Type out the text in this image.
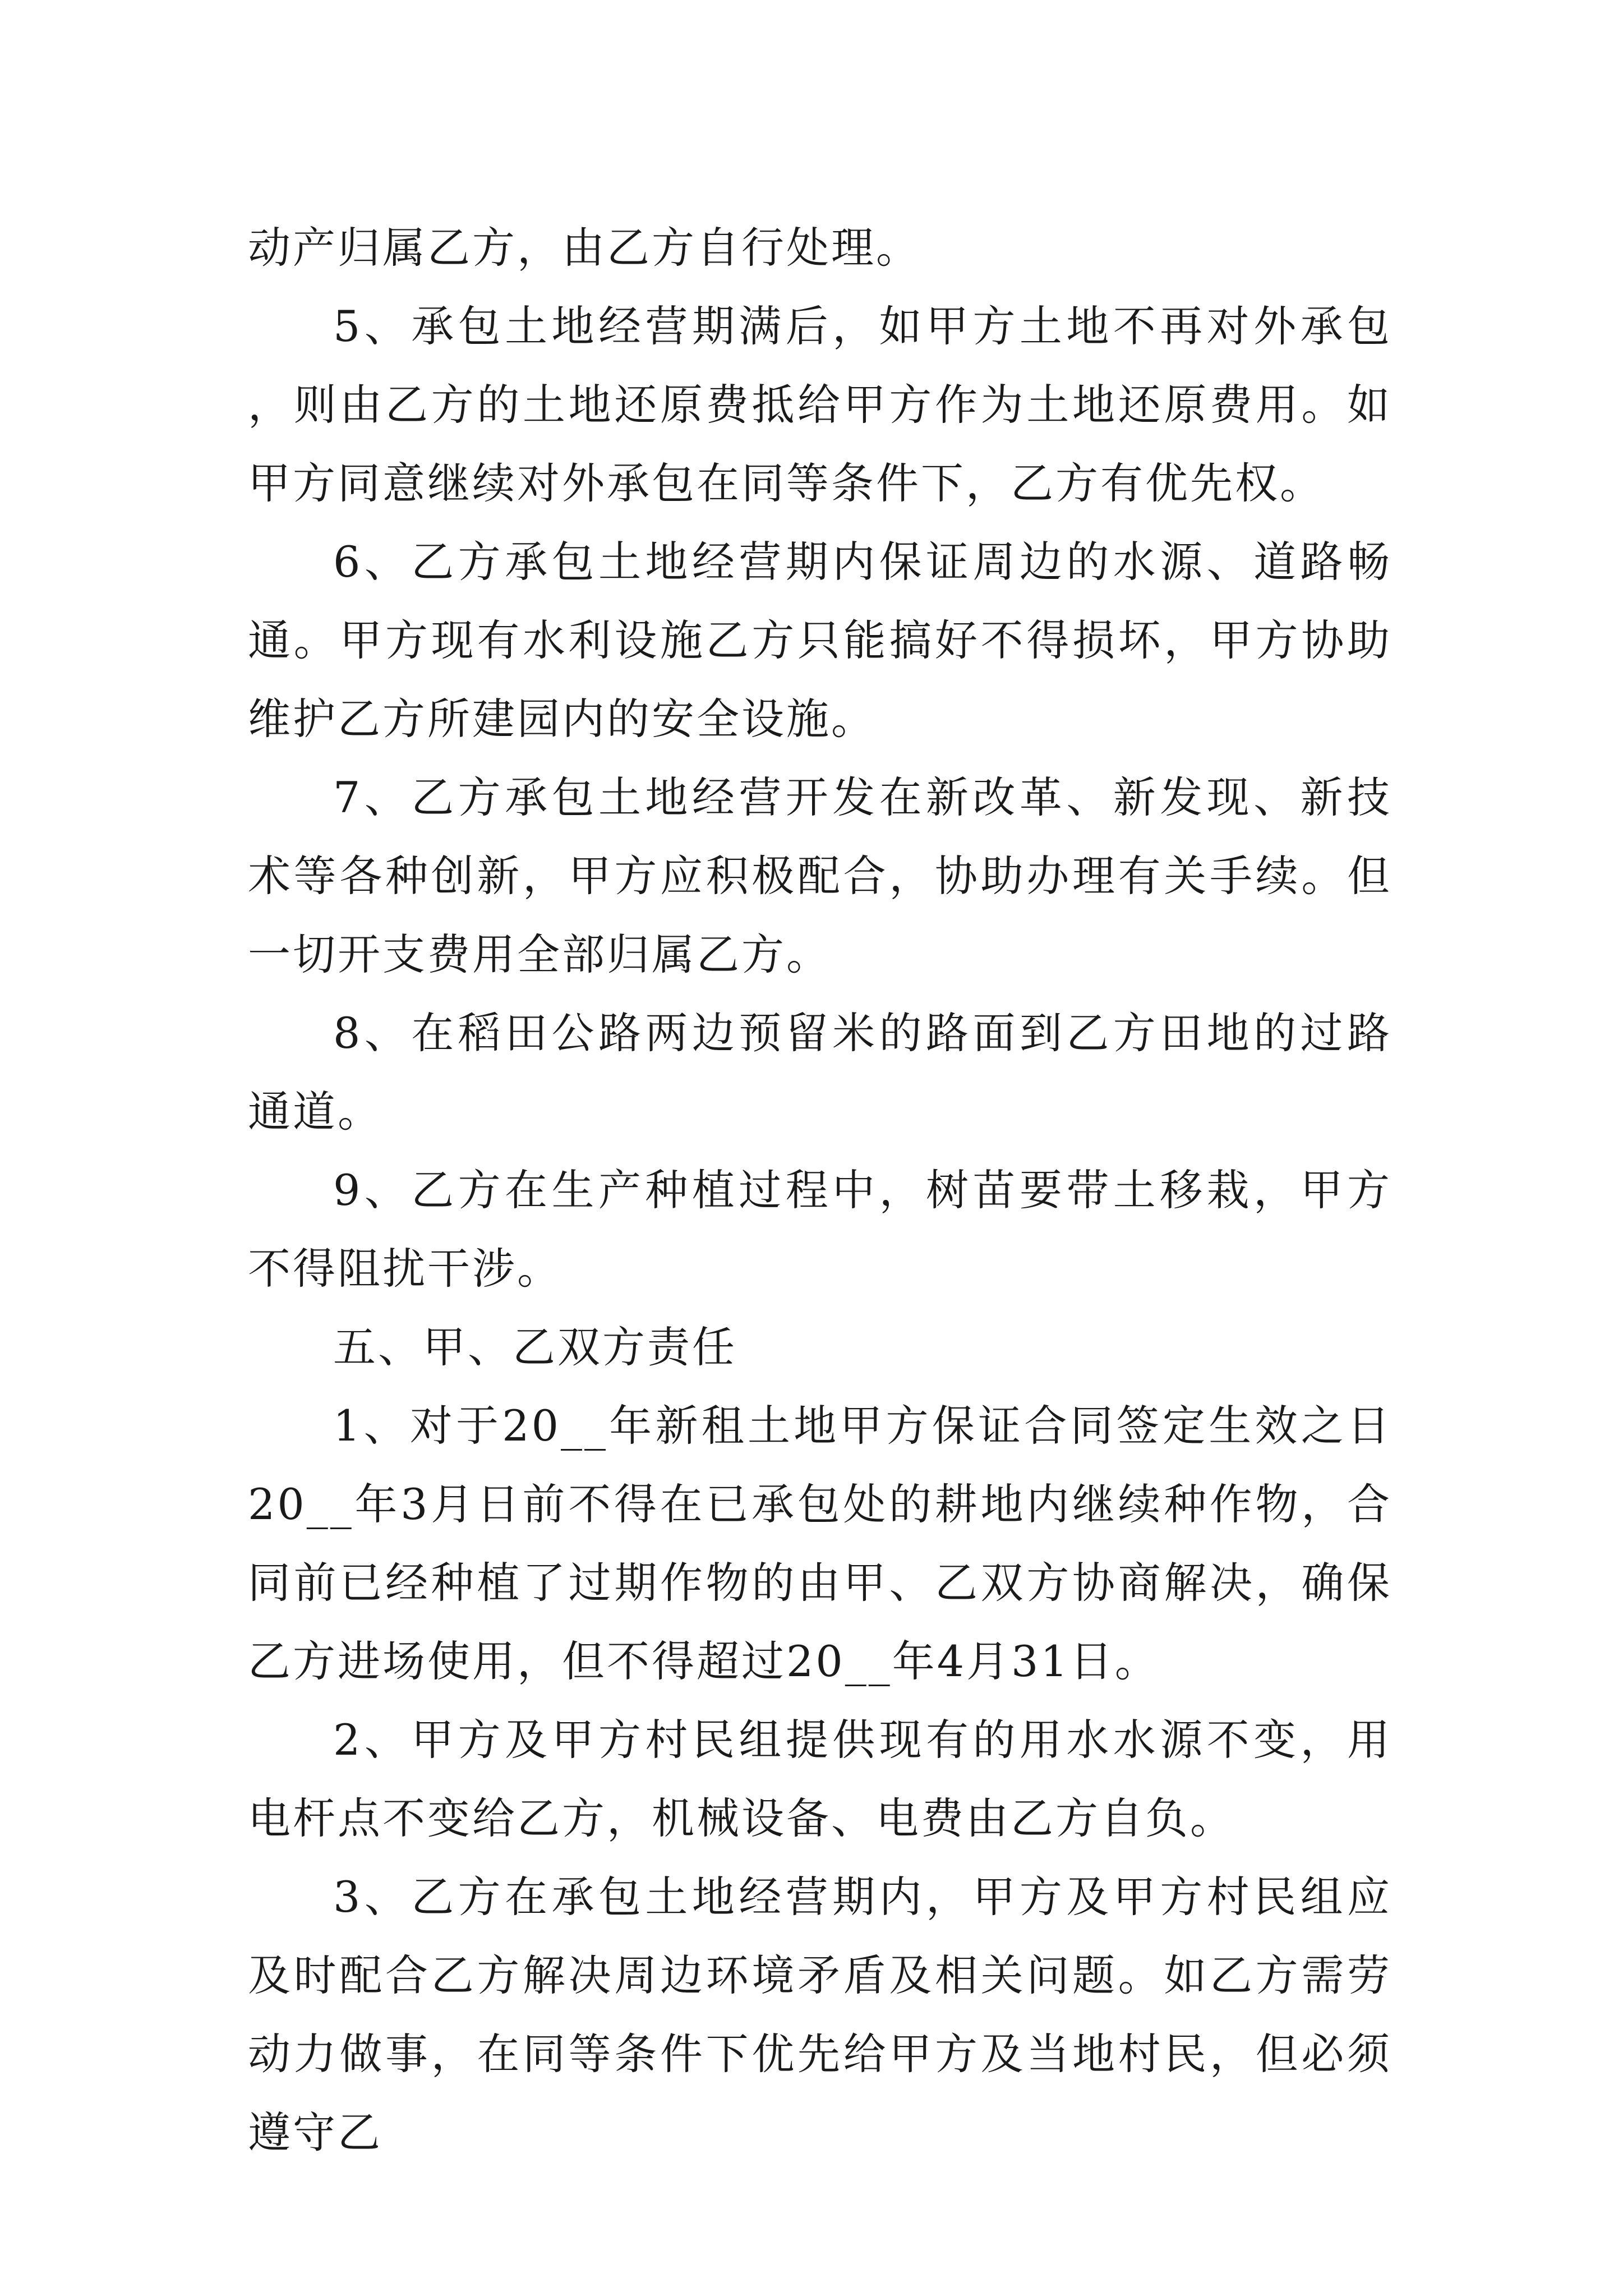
动产归属乙方，由乙方自行处理。

5、承包土地经营期满后，如甲方土地不再对外承包，则由乙方的土地还原费抵给甲方作为土地还原费用。如甲方同意继续对外承包在同等条件下，乙方有优先权。

6、乙方承包土地经营期内保证周边的水源、道路畅通。甲方现有水利设施乙方只能搞好不得损坏，甲方协助维护乙方所建园内的安全设施。

7、乙方承包土地经营开发在新改革、新发现、新技术等各种创新，甲方应积极配合，协助办理有关手续。但一切开支费用全部归属乙方。

8、在稻田公路两边预留米的路面到乙方田地的过路通道。

9、乙方在生产种植过程中，树苗要带土移栽，甲方不得阻扰干涉。

五、甲、乙双方责任

1、对于20__年新租土地甲方保证合同签定生效之日20__年3月日前不得在已承包处的耕地内继续种作物，合同前已经种植了过期作物的由甲、乙双方协商解决，确保乙方进场使用，但不得超过20__年4月31日。

2、甲方及甲方村民组提供现有的用水水源不变，用电杆点不变给乙方，机械设备、电费由乙方自负。

3、乙方在承包土地经营期内，甲方及甲方村民组应及时配合乙方解决周边环境矛盾及相关问题。如乙方需劳动力做事，在同等条件下优先给甲方及当地村民，但必须遵守乙
